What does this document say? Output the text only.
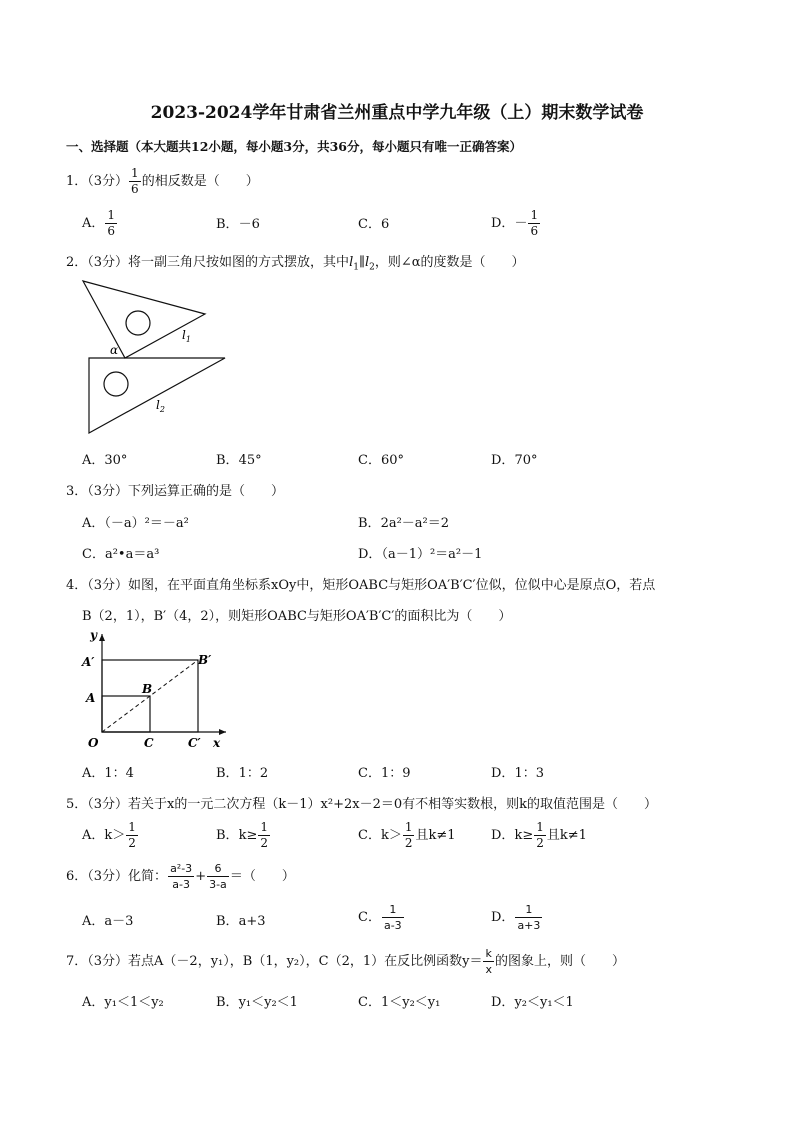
2023-2024学年甘肃省兰州重点中学九年级（上）期末数学试卷
一、选择题（本大题共12小题，每小题3分，共36分，每小题只有唯一正确答案）
1．（3分） $\frac{1}{6}$ 的相反数是（　　）
A． $\frac{1}{6}$	B．－6	C．6	D．－ $\frac{1}{6}$
2．（3分）将一副三角尺按如图的方式摆放，其中$l_1\parallel l_2$，则∠α的度数是（　　）
α
$l_1$
$l_2$
A．30°	B．45°	C．60°	D．70°
3．（3分）下列运算正确的是（　　）
A．（－a）²＝－a²	B．2a²－a²＝2
C．a²•a＝a³	D．（a－1）²＝a²－1
4．（3分）如图，在平面直角坐标系xOy中，矩形OABC与矩形OA′B′C′位似，位似中心是原点O，若点
B（2，1），B′（4，2），则矩形OABC与矩形OA′B′C′的面积比为（　　）
y
x
O
A
B
C
A′	B′
C′
A．1：4	B．1：2	C．1：9	D．1：3
5．（3分）若关于x的一元二次方程（k－1）x²+2x－2＝0有不相等实数根，则k的取值范围是（　　）
A．$k> \frac{1}{2}$	B．$k\ge \frac{1}{2}$	C．$k> \frac{1}{2}$ 且k≠1	D．$k\ge \frac{1}{2}$ 且k≠1
6．（3分）化简： $\frac{\text{a²-3}}{a-3} + \frac{6}{3-a}$ ＝（　　）
A．a－3	B．a+3	C． $\frac{1}{a-3}$	D． $\frac{1}{a+3}$
7．（3分）若点A（－2，y₁），B（1，y₂），C（2，1）在反比例函数$y= \frac{k}{x}$ 的图象上，则（　　）
A．y₁＜1＜y₂	B．y₁＜y₂＜1	C．1＜y₂＜y₁	D．y₂＜y₁＜1
